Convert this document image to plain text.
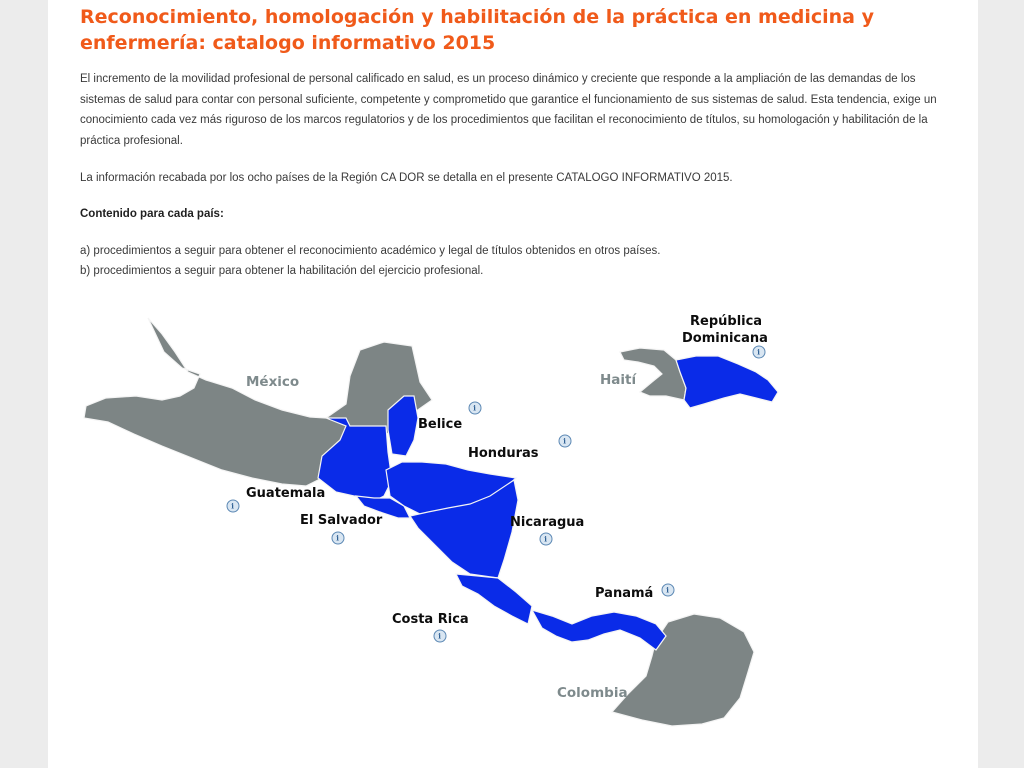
Reconocimiento, homologación y habilitación de la práctica en medicina y enfermería: catalogo informativo 2015

El incremento de la movilidad profesional de personal calificado en salud, es un proceso dinámico y creciente que responde a la ampliación de las demandas de los sistemas de salud para contar con personal suficiente, competente y comprometido que garantice el funcionamiento de sus sistemas de salud. Esta tendencia, exige un conocimiento cada vez más riguroso de los marcos regulatorios y de los procedimientos que facilitan el reconocimiento de títulos, su homologación y habilitación de la práctica profesional.

La información recabada por los ocho países de la Región CA DOR se detalla en el presente CATALOGO INFORMATIVO 2015.

Contenido para cada país:

a) procedimientos a seguir para obtener el reconocimiento académico y legal de títulos obtenidos en otros países.

b) procedimientos a seguir para obtener la habilitación del ejercicio profesional.

México	Haití
Colombia
Belice
Honduras
Guatemala
El Salvador	Nicaragua
Panamá
Costa Rica
República
Dominicana
i
i
i
i
i	i
i
i
